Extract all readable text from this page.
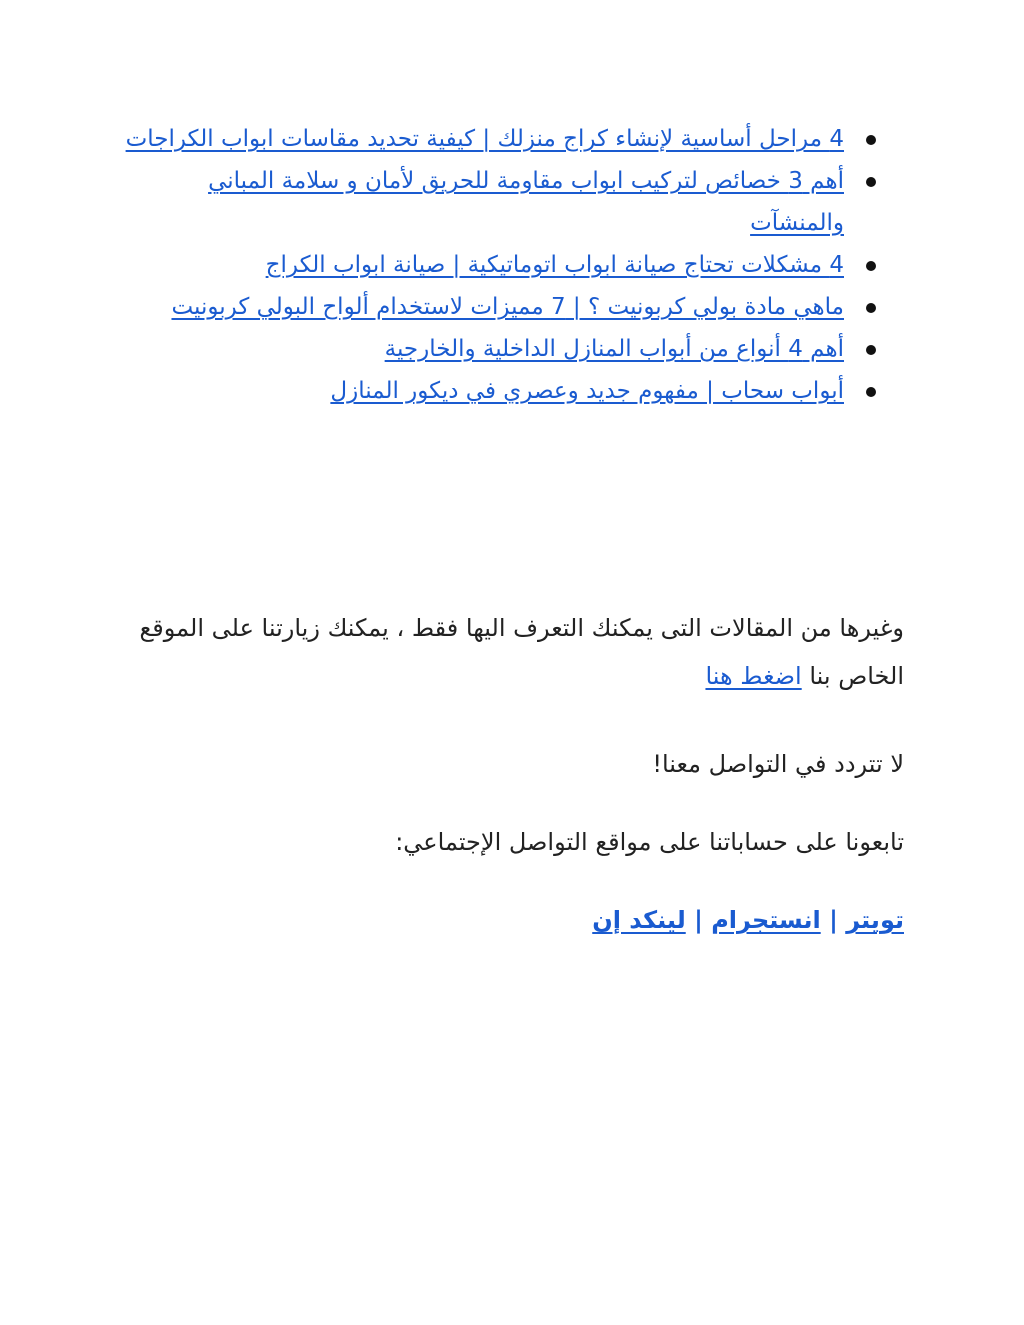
4 مراحل أساسية لإنشاء كراج منزلك | كيفية تحديد مقاسات ابواب الكراجات
أهم 3 خصائص لتركيب ابواب مقاومة للحريق لأمان و سلامة المباني والمنشآت
4 مشكلات تحتاج صيانة ابواب اتوماتيكية | صيانة ابواب الكراج
ماهي مادة بولي كربونيت ؟ | 7 مميزات لاستخدام ألواح البولي كربونيت
أهم 4 أنواع من أبواب المنازل الداخلية والخارجية
أبواب سحاب | مفهوم جديد وعصري في ديكور المنازل

وغيرها من المقالات التى يمكنك التعرف اليها فقط ، يمكنك زيارتنا على الموقع الخاص بنا اضغط هنا

لا تتردد في التواصل معنا!

تابعونا على حساباتنا على مواقع التواصل الإجتماعي:

تويتر | انستجرام | لينكد إن
